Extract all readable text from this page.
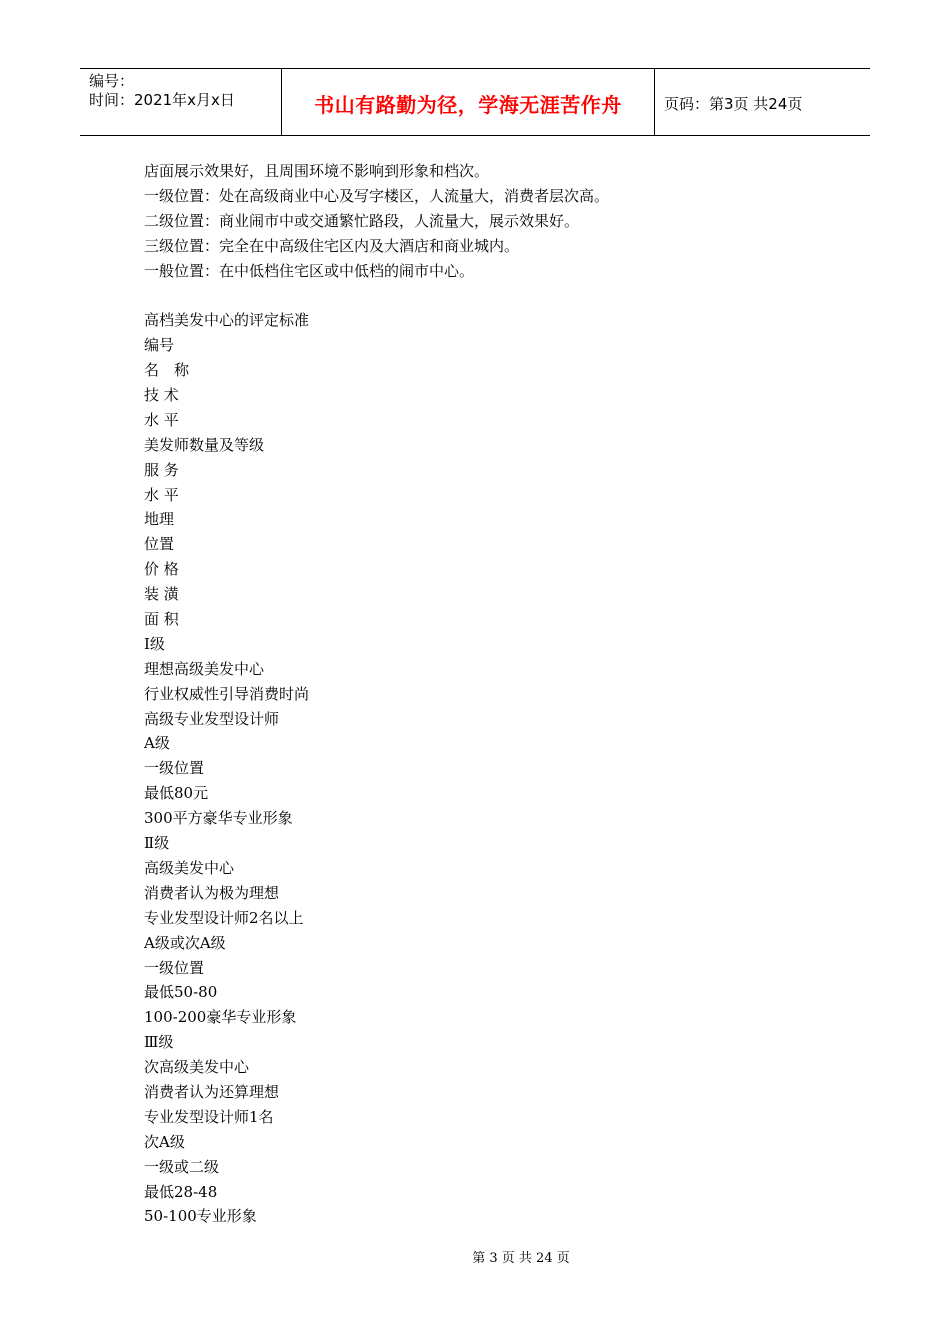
编号：
时间：2021年x月x日	书山有路勤为径，学海无涯苦作舟	页码：第3页 共24页
店面展示效果好，且周围环境不影响到形象和档次。
一级位置：处在高级商业中心及写字楼区，人流量大，消费者层次高。
二级位置：商业闹市中或交通繁忙路段，人流量大，展示效果好。
三级位置：完全在中高级住宅区内及大酒店和商业城内。
一般位置：在中低档住宅区或中低档的闹市中心。
高档美发中心的评定标准
编号
名　称
技 术
水 平
美发师数量及等级
服 务
水 平
地理
位置
价 格
装 潢
面 积
Ⅰ级
理想高级美发中心
行业权威性引导消费时尚
高级专业发型设计师
A级
一级位置
最低80元
300平方豪华专业形象
Ⅱ级
高级美发中心
消费者认为极为理想
专业发型设计师2名以上
A级或次A级
一级位置
最低50-80
100-200豪华专业形象
Ⅲ级
次高级美发中心
消费者认为还算理想
专业发型设计师1名
次A级
一级或二级
最低28-48
50-100专业形象
第 3 页 共 24 页
